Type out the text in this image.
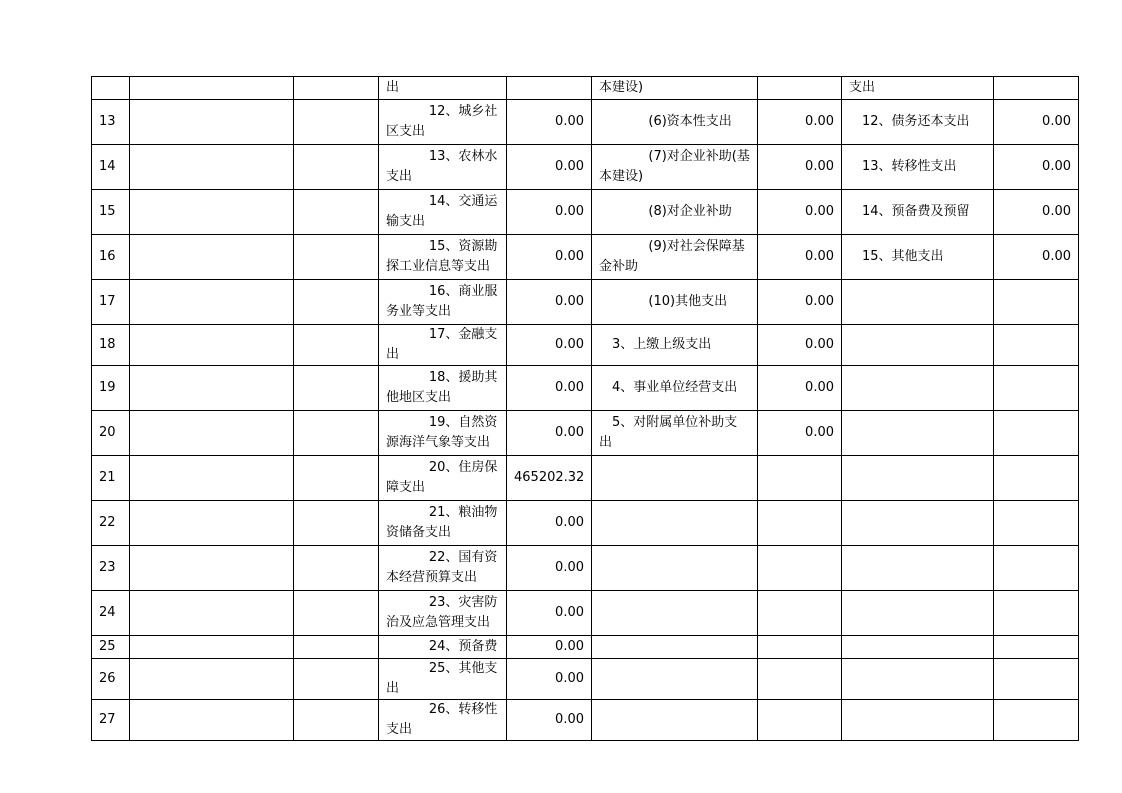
			出		本建设)		支出	

13			12、城乡社区支出	0.00	(6)资本性支出	0.00	12、债务还本支出	0.00
14			13、农林水支出	0.00	(7)对企业补助(基本建设)	0.00	13、转移性支出	0.00
15			14、交通运输支出	0.00	(8)对企业补助	0.00	14、预备费及预留	0.00
16			15、资源勘探工业信息等支出	0.00	(9)对社会保障基金补助	0.00	15、其他支出	0.00
17			16、商业服务业等支出	0.00	(10)其他支出	0.00	

18			17、金融支出	0.00	3、上缴上级支出	0.00	

19			18、援助其他地区支出	0.00	4、事业单位经营支出	0.00	

20			19、自然资源海洋气象等支出	0.00	5、对附属单位补助支出	0.00	

21			20、住房保障支出	465202.32	

22			21、粮油物资储备支出	0.00	

23			22、国有资本经营预算支出	0.00	

24			23、灾害防治及应急管理支出	0.00	

25			24、预备费	0.00	

26			25、其他支出	0.00	

27			26、转移性支出	0.00	
